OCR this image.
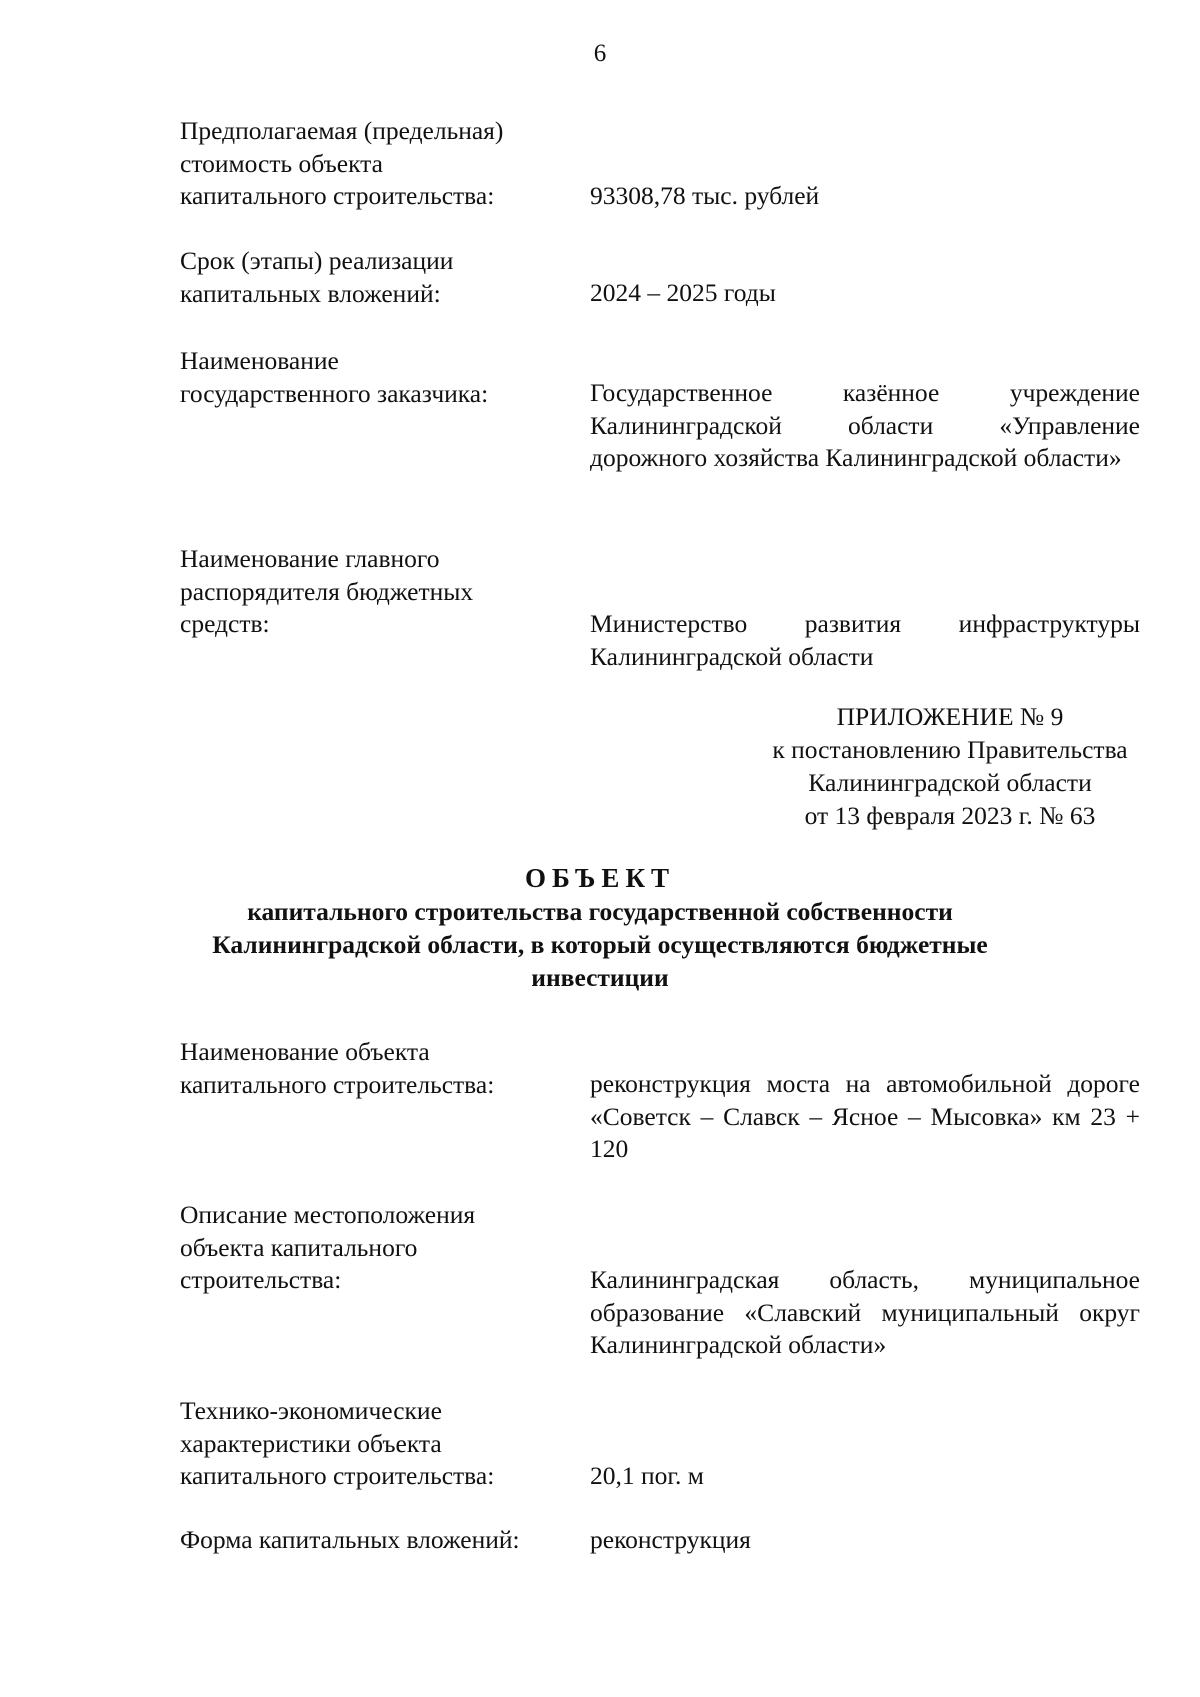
6
Предполагаемая (предельная)
стоимость объекта
капитального строительства:	93308,78 тыс. рублей
Срок (этапы) реализации
капитальных вложений:	2024 – 2025 годы
Наименование
государственного заказчика:	Государственное казённое учреждение Калининградской области «Управление дорожного хозяйства Калининградской области»
Наименование главного
распорядителя бюджетных
средств:	Министерство развития инфраструктуры Калининградской области
ПРИЛОЖЕНИЕ № 9
к постановлению Правительства
Калининградской области
от 13 февраля 2023 г. № 63
ОБЪЕКТ
капитального строительства государственной собственности Калининградской области, в который осуществляются бюджетные инвестиции
Наименование объекта
капитального строительства:	реконструкция моста на автомобильной дороге «Советск – Славск – Ясное – Мысовка» км 23 + 120
Описание местоположения
объекта капитального
строительства:	Калининградская область, муниципальное образование «Славский муниципальный округ Калининградской области»
Технико-экономические
характеристики объекта
капитального строительства:	20,1 пог. м
Форма капитальных вложений:	реконструкция
